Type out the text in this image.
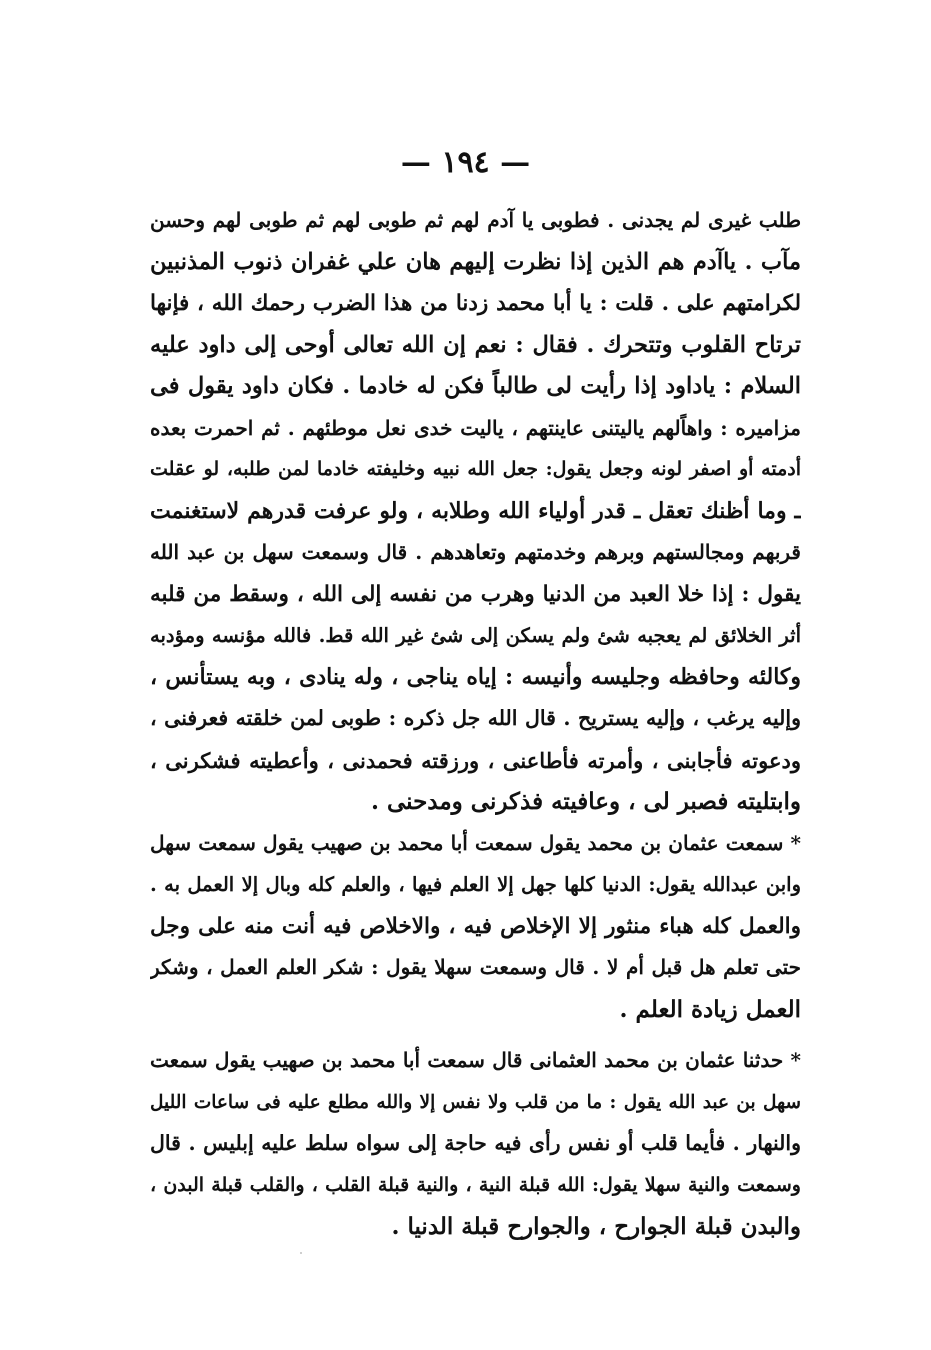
— ١٩٤ —
طلب غيرى لم يجدنى . فطوبى يا آدم لهم ثم طوبى لهم ثم طوبى لهم وحسن
مآب . ياآدم هم الذين إذا نظرت إليهم هان علي غفران ذنوب المذنبين
لكرامتهم على . قلت : يا أبا محمد زدنا من هذا الضرب رحمك الله ، فإنها
ترتاح القلوب وتتحرك . فقال : نعم إن الله تعالى أوحى إلى داود عليه
السلام : ياداود إذا رأيت لى طالباً فكن له خادما . فكان داود يقول فى
مزاميره : واهاًلهم ياليتنى عاينتهم ، ياليت خدى نعل موطئهم . ثم احمرت بعده
أدمته أو اصفر لونه وجعل يقول: جعل الله نبيه وخليفته خادما لمن طلبه، لو عقلت
ـ وما أظنك تعقل ـ قدر أولياء الله وطلابه ، ولو عرفت قدرهم لاستغنمت
قربهم ومجالستهم وبرهم وخدمتهم وتعاهدهم . قال وسمعت سهل بن عبد الله
يقول : إذا خلا العبد من الدنيا وهرب من نفسه إلى الله ، وسقط من قلبه
أثر الخلائق لم يعجبه شئ ولم يسكن إلى شئ غير الله قط. فالله مؤنسه ومؤدبه
وكالئه وحافظه وجليسه وأنيسه : إياه يناجى ، وله ينادى ، وبه يستأنس ،
وإليه يرغب ، وإليه يستريح . قال الله جل ذكره : طوبى لمن خلقته فعرفنى ،
ودعوته فأجابنى ، وأمرته فأطاعنى ، ورزقته فحمدنى ، وأعطيته فشكرنى ،
وابتليته فصبر لى ، وعافيته فذكرنى ومدحنى .
* سمعت عثمان بن محمد يقول سمعت أبا محمد بن صهيب يقول سمعت سهل
وابن عبدالله يقول: الدنيا كلها جهل إلا العلم فيها ، والعلم كله وبال إلا العمل به .
والعمل كله هباء منثور إلا الإخلاص فيه ، والاخلاص فيه أنت منه على وجل
حتى تعلم هل قبل أم لا . قال وسمعت سهلا يقول : شكر العلم العمل ، وشكر
العمل زيادة العلم .
* حدثنا عثمان بن محمد العثمانى قال سمعت أبا محمد بن صهيب يقول سمعت
سهل بن عبد الله يقول : ما من قلب ولا نفس إلا والله مطلع عليه فى ساعات الليل
والنهار . فأيما قلب أو نفس رأى فيه حاجة إلى سواه سلط عليه إبليس . قال
وسمعت والنية سهلا يقول: الله قبلة النية ، والنية قبلة القلب ، والقلب قبلة البدن ،
والبدن قبلة الجوارح ، والجوارح قبلة الدنيا .
